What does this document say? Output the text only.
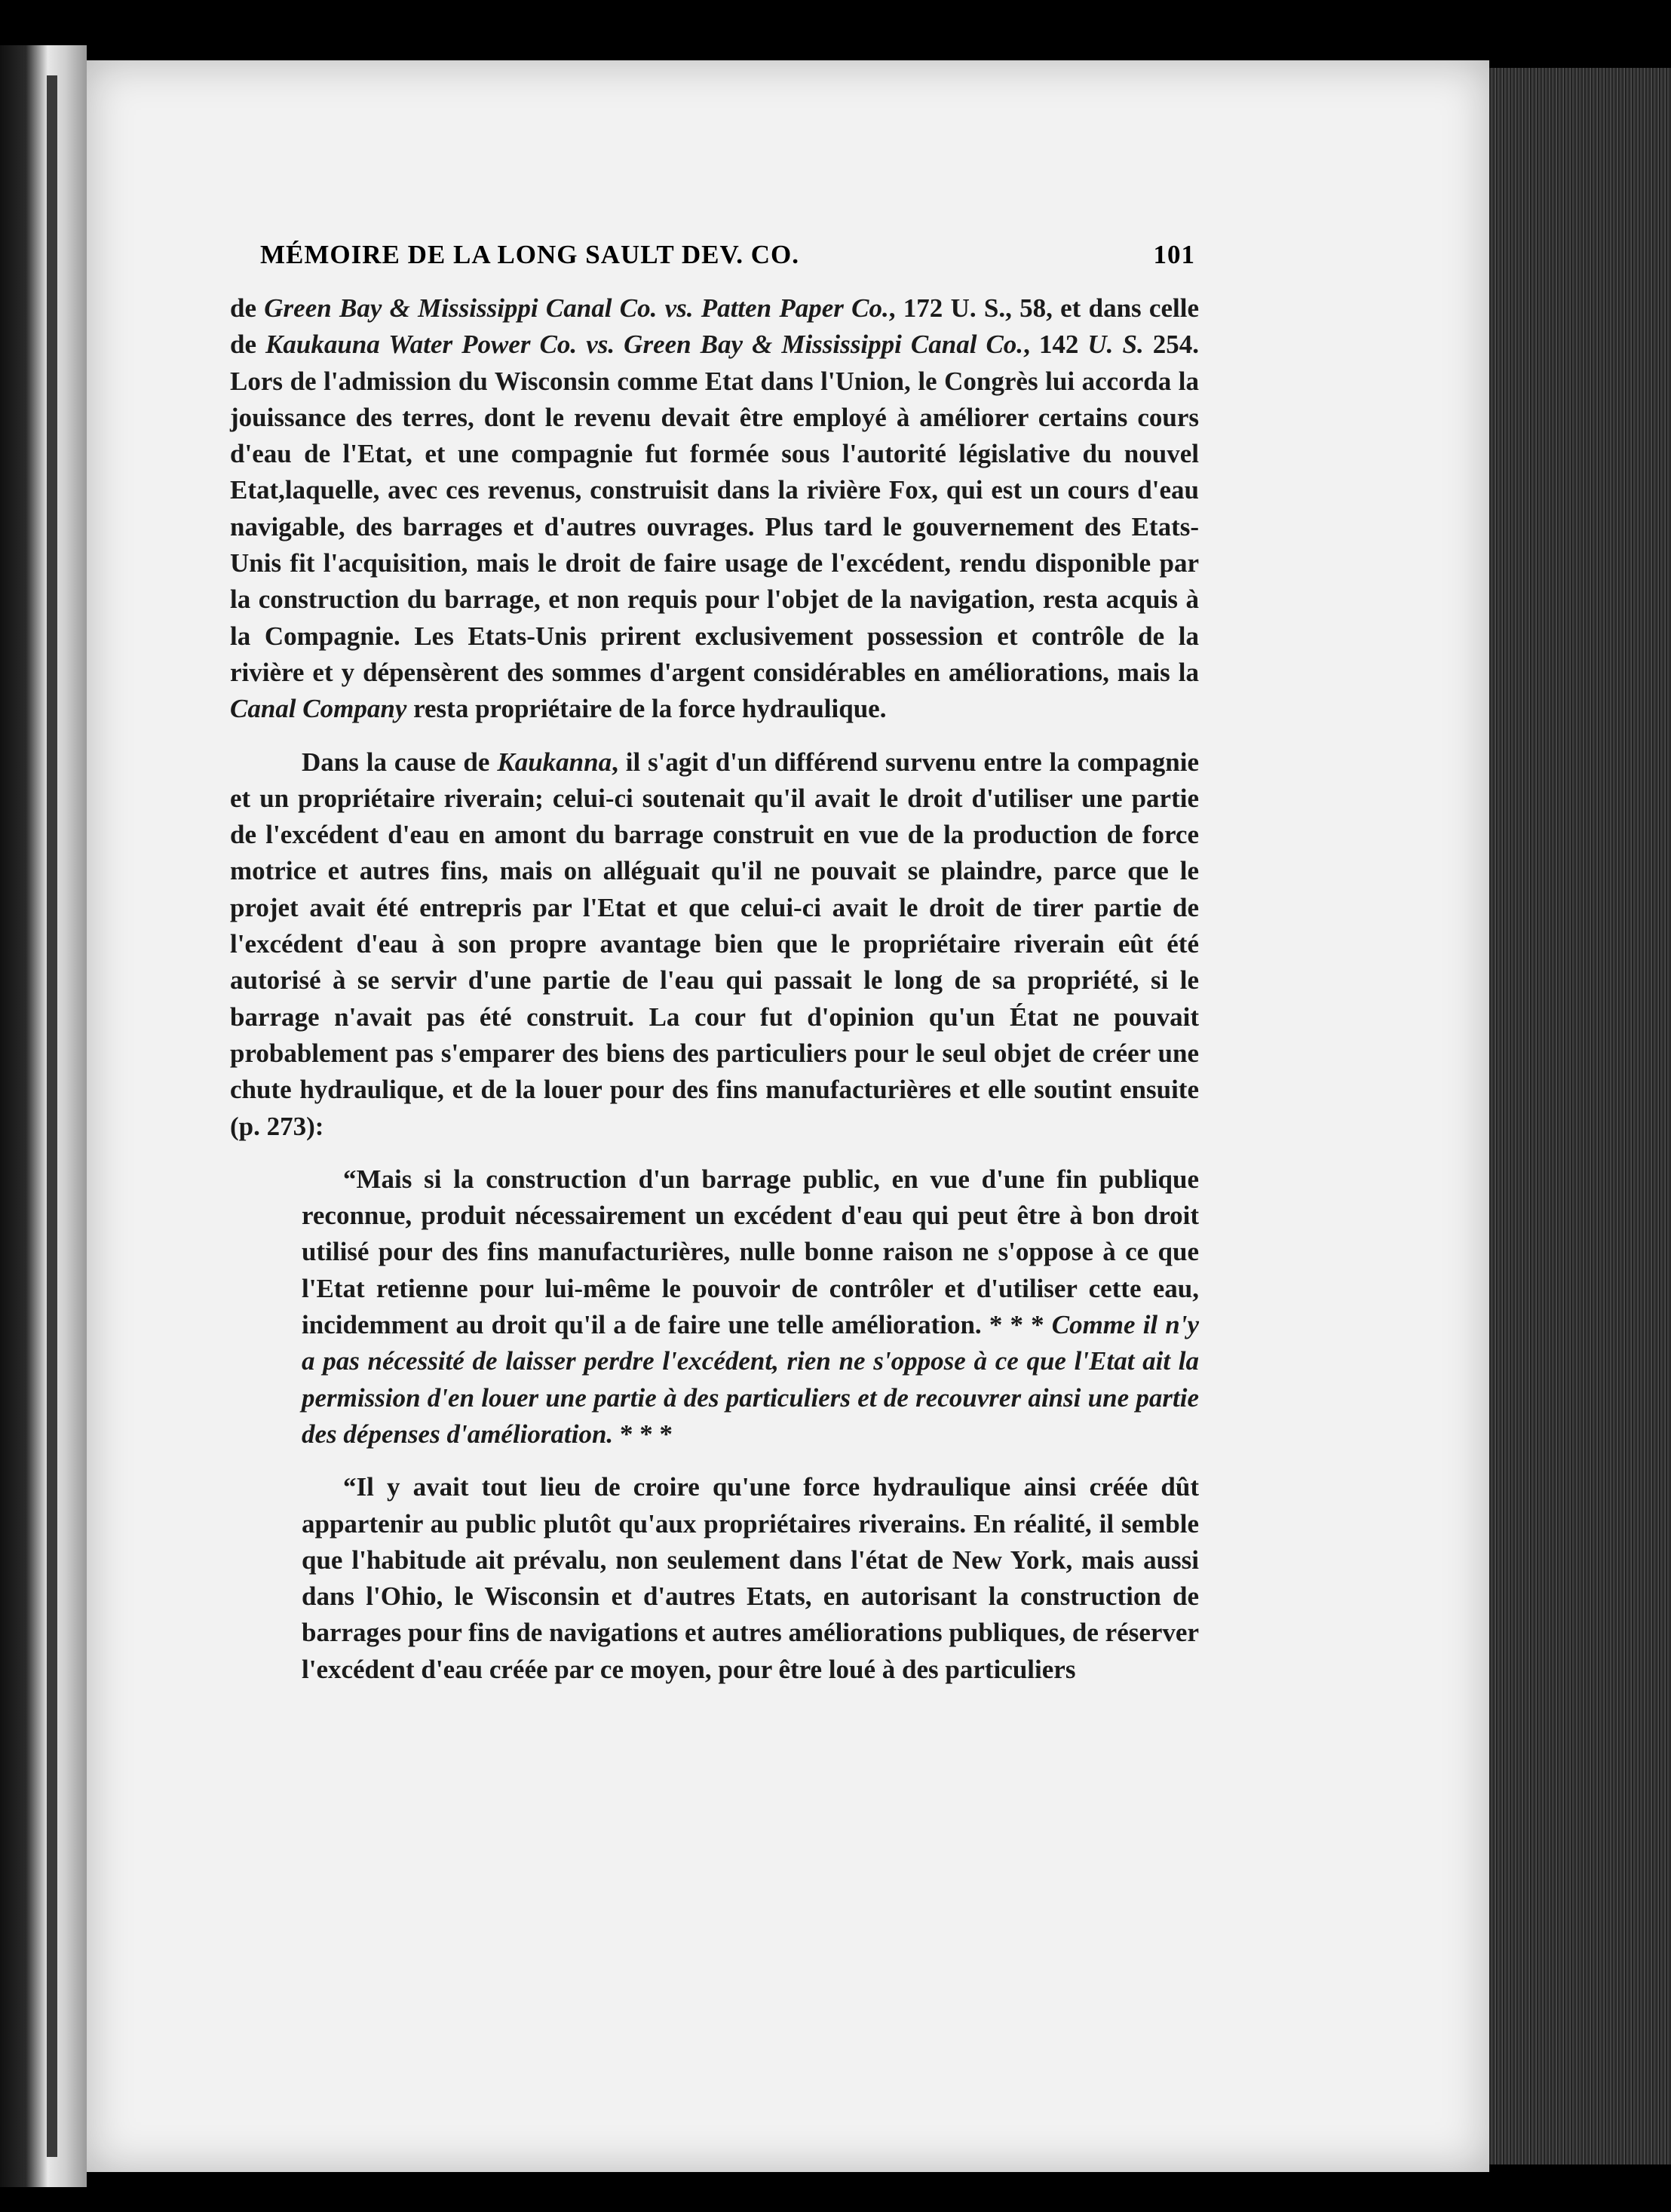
MÉMOIRE DE LA LONG SAULT DEV. CO.	101

de Green Bay & Mississippi Canal Co. vs. Patten Paper Co., 172 U. S., 58, et dans celle de Kaukauna Water Power Co. vs. Green Bay & Mississippi Canal Co., 142 U. S. 254. Lors de l'admission du Wisconsin comme Etat dans l'Union, le Congrès lui accorda la jouissance des terres, dont le revenu devait être employé à améliorer certains cours d'eau de l'Etat, et une compagnie fut formée sous l'autorité législative du nouvel Etat,laquelle, avec ces revenus, construisit dans la rivière Fox, qui est un cours d'eau navigable, des barrages et d'autres ouvrages. Plus tard le gouvernement des Etats-Unis fit l'acquisition, mais le droit de faire usage de l'excédent, rendu disponible par la construction du barrage, et non requis pour l'objet de la navigation, resta acquis à la Compagnie. Les Etats-Unis prirent exclusivement possession et contrôle de la rivière et y dépensèrent des sommes d'argent considérables en améliorations, mais la Canal Company resta propriétaire de la force hydraulique.

Dans la cause de Kaukanna, il s'agit d'un différend survenu entre la compagnie et un propriétaire riverain; celui-ci soutenait qu'il avait le droit d'utiliser une partie de l'excédent d'eau en amont du barrage construit en vue de la production de force motrice et autres fins, mais on alléguait qu'il ne pouvait se plaindre, parce que le projet avait été entrepris par l'Etat et que celui-ci avait le droit de tirer partie de l'excédent d'eau à son propre avantage bien que le propriétaire riverain eût été autorisé à se servir d'une partie de l'eau qui passait le long de sa propriété, si le barrage n'avait pas été construit. La cour fut d'opinion qu'un État ne pouvait probablement pas s'emparer des biens des particuliers pour le seul objet de créer une chute hydraulique, et de la louer pour des fins manufacturières et elle soutint ensuite (p. 273):

“Mais si la construction d'un barrage public, en vue d'une fin publique reconnue, produit nécessairement un excédent d'eau qui peut être à bon droit utilisé pour des fins manufacturières, nulle bonne raison ne s'oppose à ce que l'Etat retienne pour lui-même le pouvoir de contrôler et d'utiliser cette eau, incidemment au droit qu'il a de faire une telle amélioration. * * * Comme il n'y a pas nécessité de laisser perdre l'excédent, rien ne s'oppose à ce que l'Etat ait la permission d'en louer une partie à des particuliers et de recouvrer ainsi une partie des dépenses d'amélioration. * * *

“Il y avait tout lieu de croire qu'une force hydraulique ainsi créée dût appartenir au public plutôt qu'aux propriétaires riverains. En réalité, il semble que l'habitude ait prévalu, non seulement dans l'état de New York, mais aussi dans l'Ohio, le Wisconsin et d'autres Etats, en autorisant la construction de barrages pour fins de navigations et autres améliorations publiques, de réserver l'excédent d'eau créée par ce moyen, pour être loué à des particuliers
